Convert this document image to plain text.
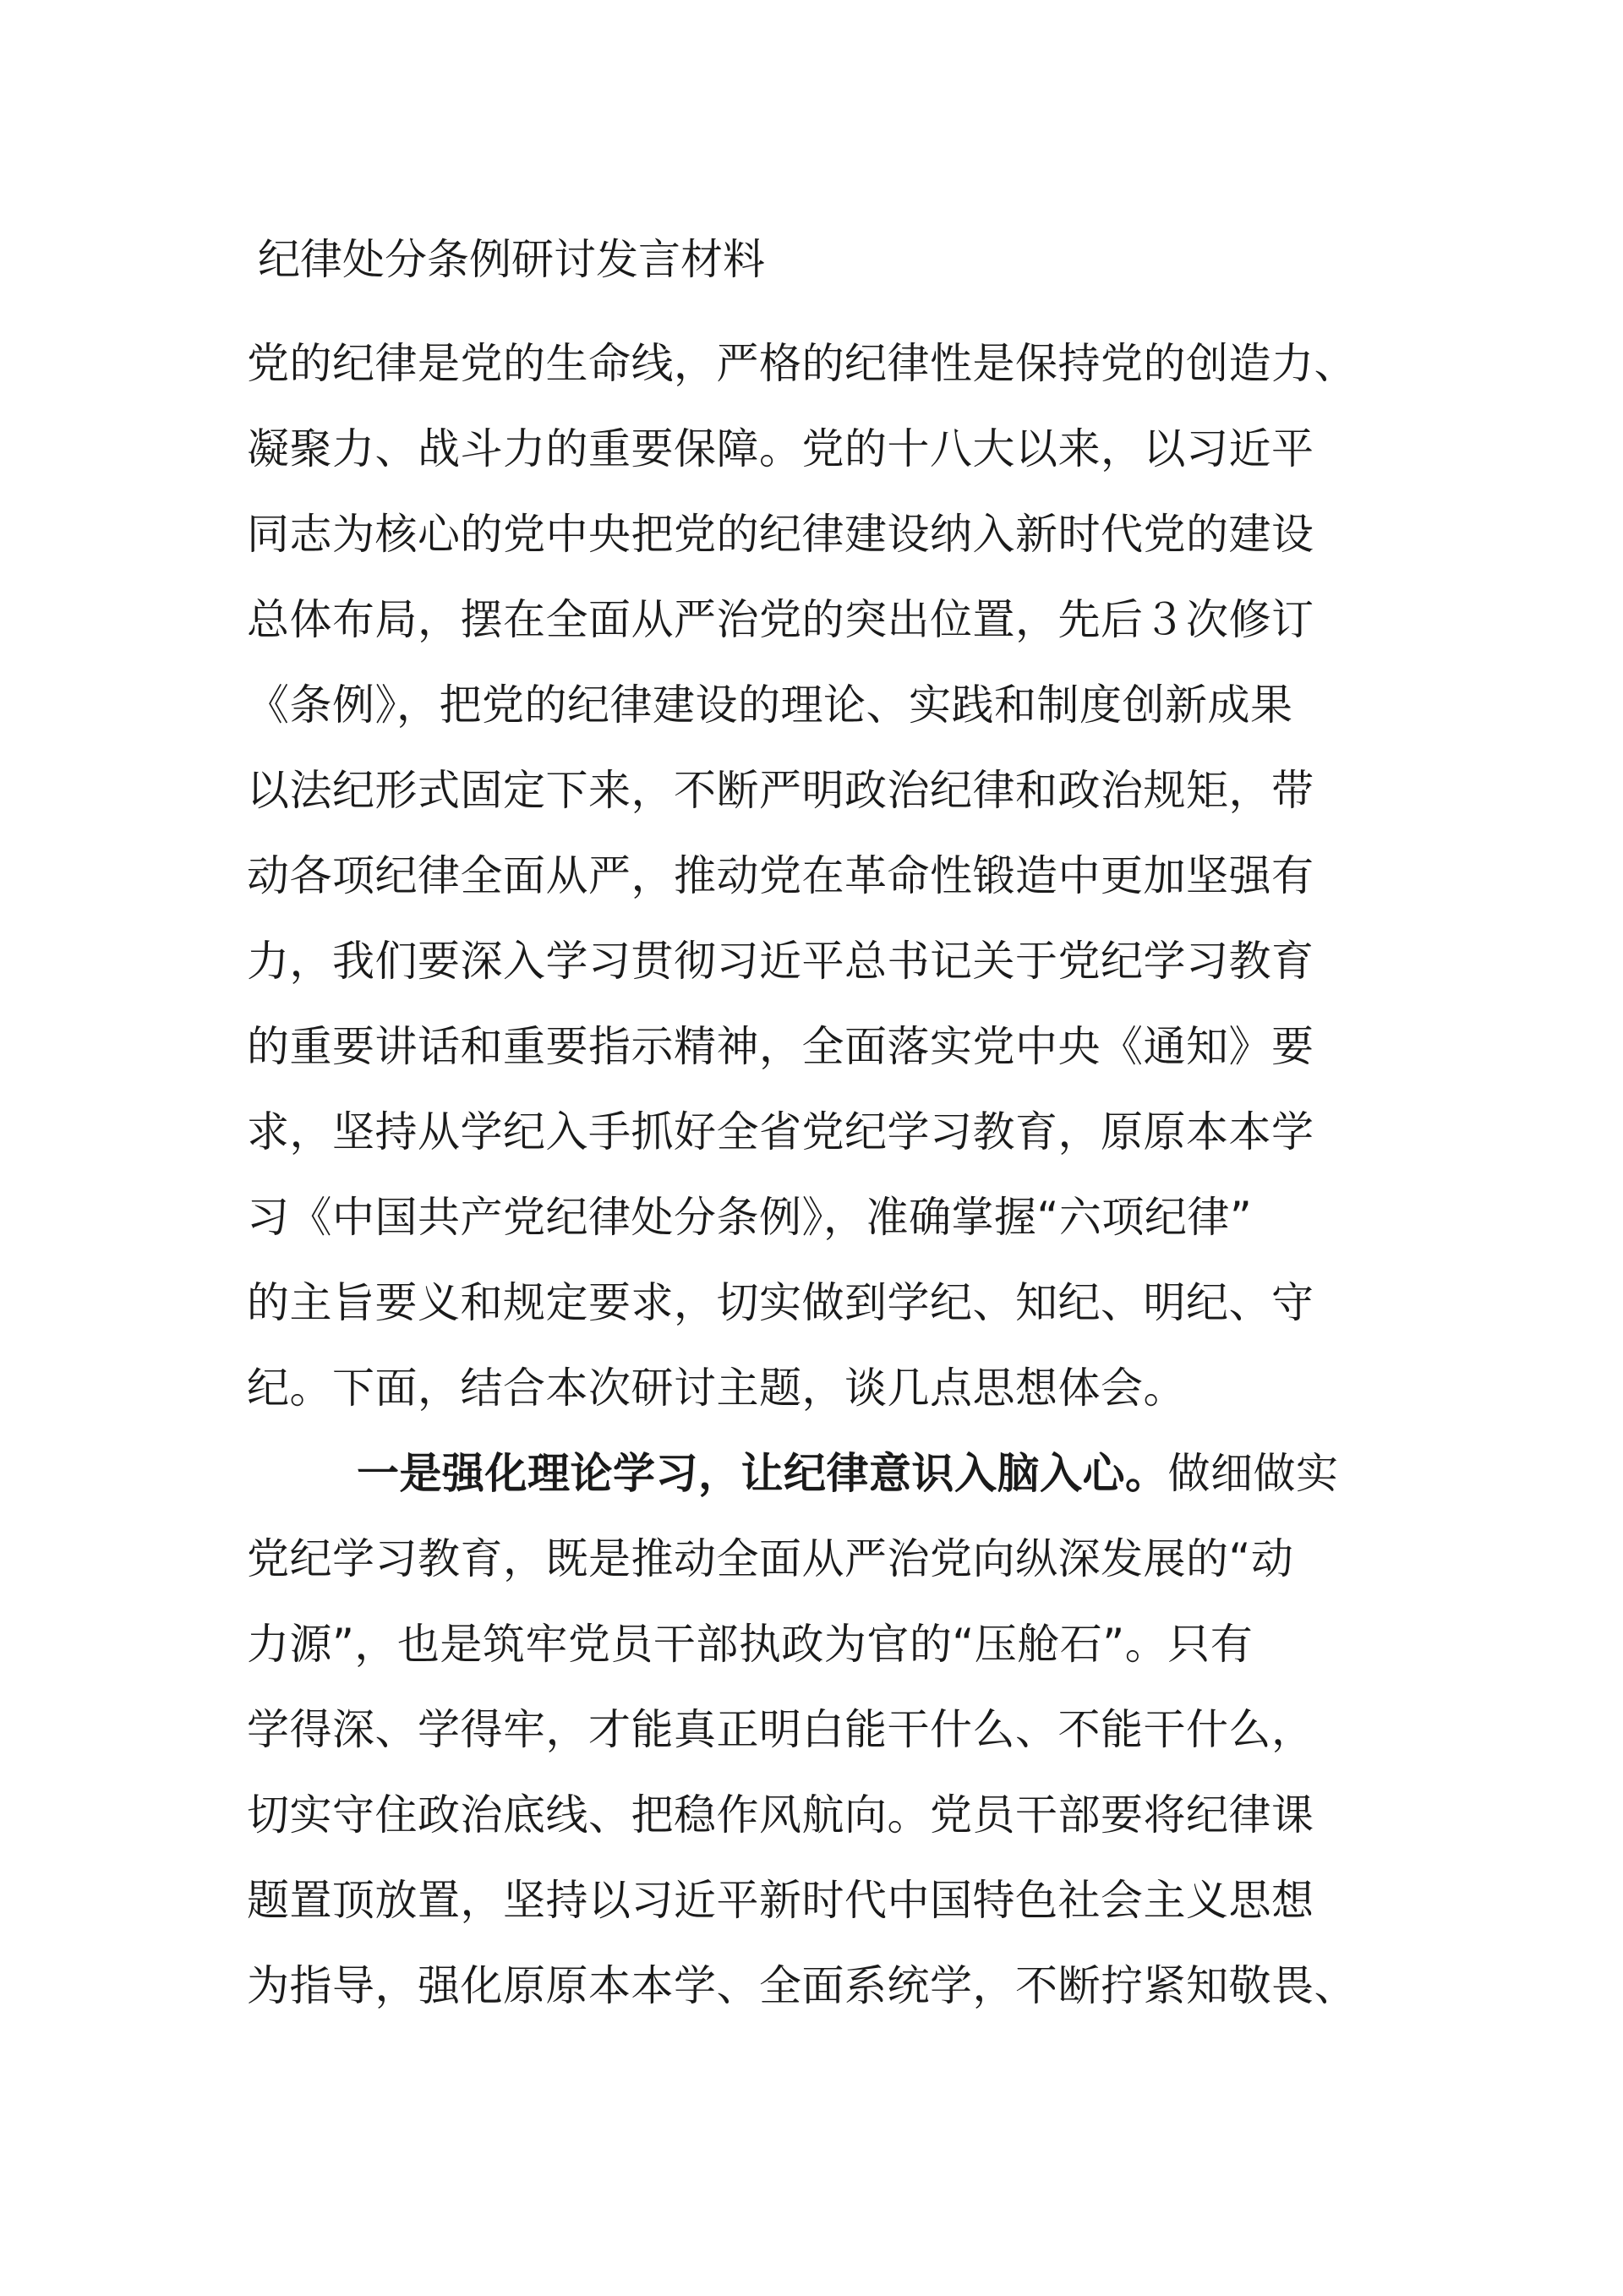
纪律处分条例研讨发言材料
党的纪律是党的生命线，严格的纪律性是保持党的创造力、
凝聚力、战斗力的重要保障。党的十八大以来，以习近平
同志为核心的党中央把党的纪律建设纳入新时代党的建设
总体布局，摆在全面从严治党的突出位置，先后３次修订
《条例》，把党的纪律建设的理论、实践和制度创新成果
以法纪形式固定下来，不断严明政治纪律和政治规矩，带
动各项纪律全面从严，推动党在革命性锻造中更加坚强有
力，我们要深入学习贯彻习近平总书记关于党纪学习教育
的重要讲话和重要指示精神，全面落实党中央《通知》要
求，坚持从学纪入手抓好全省党纪学习教育，原原本本学
习《中国共产党纪律处分条例》，准确掌握“六项纪律”
的主旨要义和规定要求，切实做到学纪、知纪、明纪、守
纪。下面，结合本次研讨主题，谈几点思想体会。
一是强化理论学习，让纪律意识入脑入心。做细做实
党纪学习教育，既是推动全面从严治党向纵深发展的“动
力源”，也是筑牢党员干部执政为官的“压舱石”。只有
学得深、学得牢，才能真正明白能干什么、不能干什么，
切实守住政治底线、把稳作风航向。党员干部要将纪律课
题置顶放置，坚持以习近平新时代中国特色社会主义思想
为指导，强化原原本本学、全面系统学，不断拧紧知敬畏、
